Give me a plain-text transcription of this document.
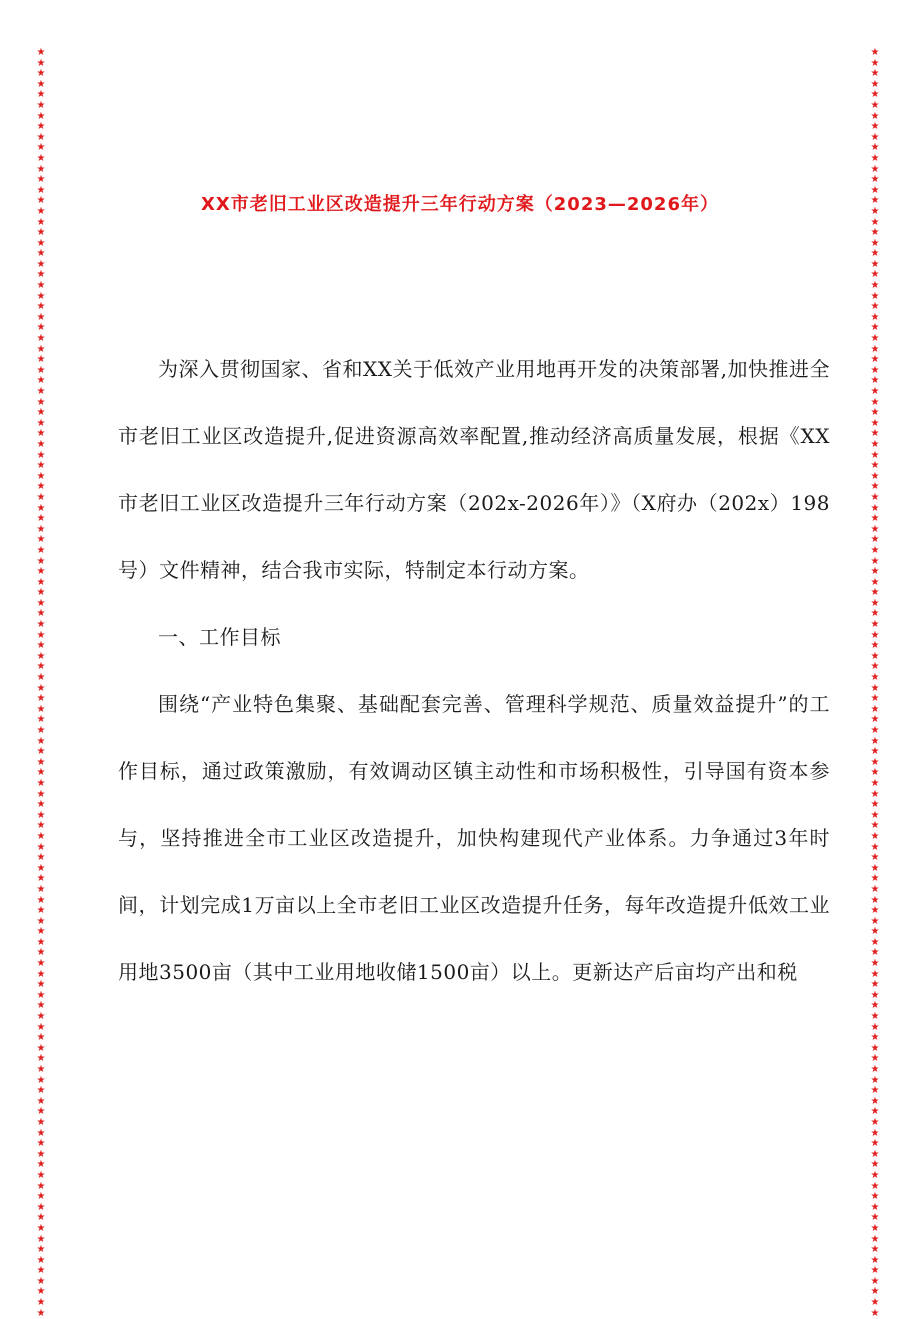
★★★★★★★★★★★★★★★★★★★★★★★★★★★★★★★★★★★★★★★★★★★★★★★★★★★★★★★★★★★★★★★★★★★★★★★★★★★★★★★★★★★★★★★★★★★★★★★★★★★★★★★★★★★★★★★★★★★★★★★★
★★★★★★★★★★★★★★★★★★★★★★★★★★★★★★★★★★★★★★★★★★★★★★★★★★★★★★★★★★★★★★★★★★★★★★★★★★★★★★★★★★★★★★★★★★★★★★★★★★★★★★★★★★★★★★★★★★★★★★★★
XX市老旧工业区改造提升三年行动方案（2023—2026年）

为深入贯彻国家、省和XX关于低效产业用地再开发的决策部署,加快推进全市老旧工业区改造提升,促进资源高效率配置,推动经济高质量发展，根据《XX市老旧工业区改造提升三年行动方案（202x-2026年）》（X府办（202x）198号）文件精神，结合我市实际，特制定本行动方案。

一、工作目标

围绕“产业特色集聚、基础配套完善、管理科学规范、质量效益提升”的工作目标，通过政策激励，有效调动区镇主动性和市场积极性，引导国有资本参与，坚持推进全市工业区改造提升，加快构建现代产业体系。力争通过3年时间，计划完成1万亩以上全市老旧工业区改造提升任务，每年改造提升低效工业用地3500亩（其中工业用地收储1500亩）以上。更新达产后亩均产出和税
